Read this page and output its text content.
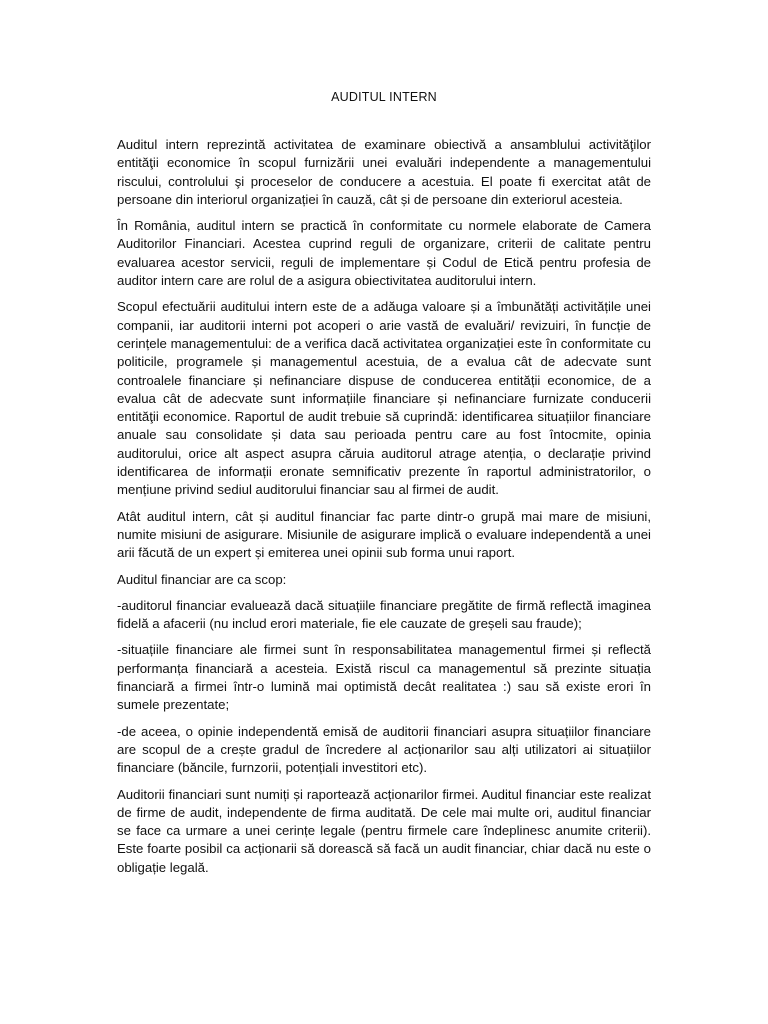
AUDITUL INTERN

Auditul intern reprezintă activitatea de examinare obiectivă a ansamblului activităţilor entităţii economice în scopul furnizării unei evaluări independente a managementului riscului, controlului şi proceselor de conducere a acestuia. El poate fi exercitat atât de persoane din interiorul organizației în cauză, cât și de persoane din exteriorul acesteia.

În România, auditul intern se practică în conformitate cu normele elaborate de Camera Auditorilor Financiari. Acestea cuprind reguli de organizare, criterii de calitate pentru evaluarea acestor servicii, reguli de implementare și Codul de Etică pentru profesia de auditor intern care are rolul de a asigura obiectivitatea auditorului intern.

Scopul efectuării auditului intern este de a adăuga valoare și a îmbunătăți activitățile unei companii, iar auditorii interni pot acoperi o arie vastă de evaluări/ revizuiri, în funcție de cerințele managementului: de a verifica dacă activitatea organizației este în conformitate cu politicile, programele și managementul acestuia, de a evalua cât de adecvate sunt controalele financiare și nefinanciare dispuse de conducerea entității economice, de a evalua cât de adecvate sunt informațiile financiare și nefinanciare furnizate conducerii entităţii economice. Raportul de audit trebuie să cuprindă: identificarea situațiilor financiare anuale sau consolidate și data sau perioada pentru care au fost întocmite, opinia auditorului, orice alt aspect asupra căruia auditorul atrage atenția, o declarație privind identificarea de informații eronate semnificativ prezente în raportul administratorilor, o mențiune privind sediul auditorului financiar sau al firmei de audit.

Atât auditul intern, cât și auditul financiar fac parte dintr-o grupă mai mare de misiuni, numite misiuni de asigurare. Misiunile de asigurare implică o evaluare independentă a unei arii făcută de un expert și emiterea unei opinii sub forma unui raport.

Auditul financiar are ca scop:

-auditorul financiar evaluează dacă situațiile financiare pregătite de firmă reflectă imaginea fidelă a afacerii (nu includ erori materiale, fie ele cauzate de greșeli sau fraude);

-situațiile financiare ale firmei sunt în responsabilitatea managementul firmei și reflectă performanța financiară a acesteia. Există riscul ca managementul să prezinte situația financiară a firmei într-o lumină mai optimistă decât realitatea :) sau să existe erori în sumele prezentate;

-de aceea, o opinie independentă emisă de auditorii financiari asupra situațiilor financiare are scopul de a crește gradul de încredere al acționarilor sau alți utilizatori ai situațiilor financiare (băncile, furnzorii, potențiali investitori etc).

Auditorii financiari sunt numiți și raportează acționarilor firmei. Auditul financiar este realizat de firme de audit, independente de firma auditată. De cele mai multe ori, auditul financiar se face ca urmare a unei cerințe legale (pentru firmele care îndeplinesc anumite criterii). Este foarte posibil ca acționarii să dorească să facă un audit financiar, chiar dacă nu este o obligație legală.
